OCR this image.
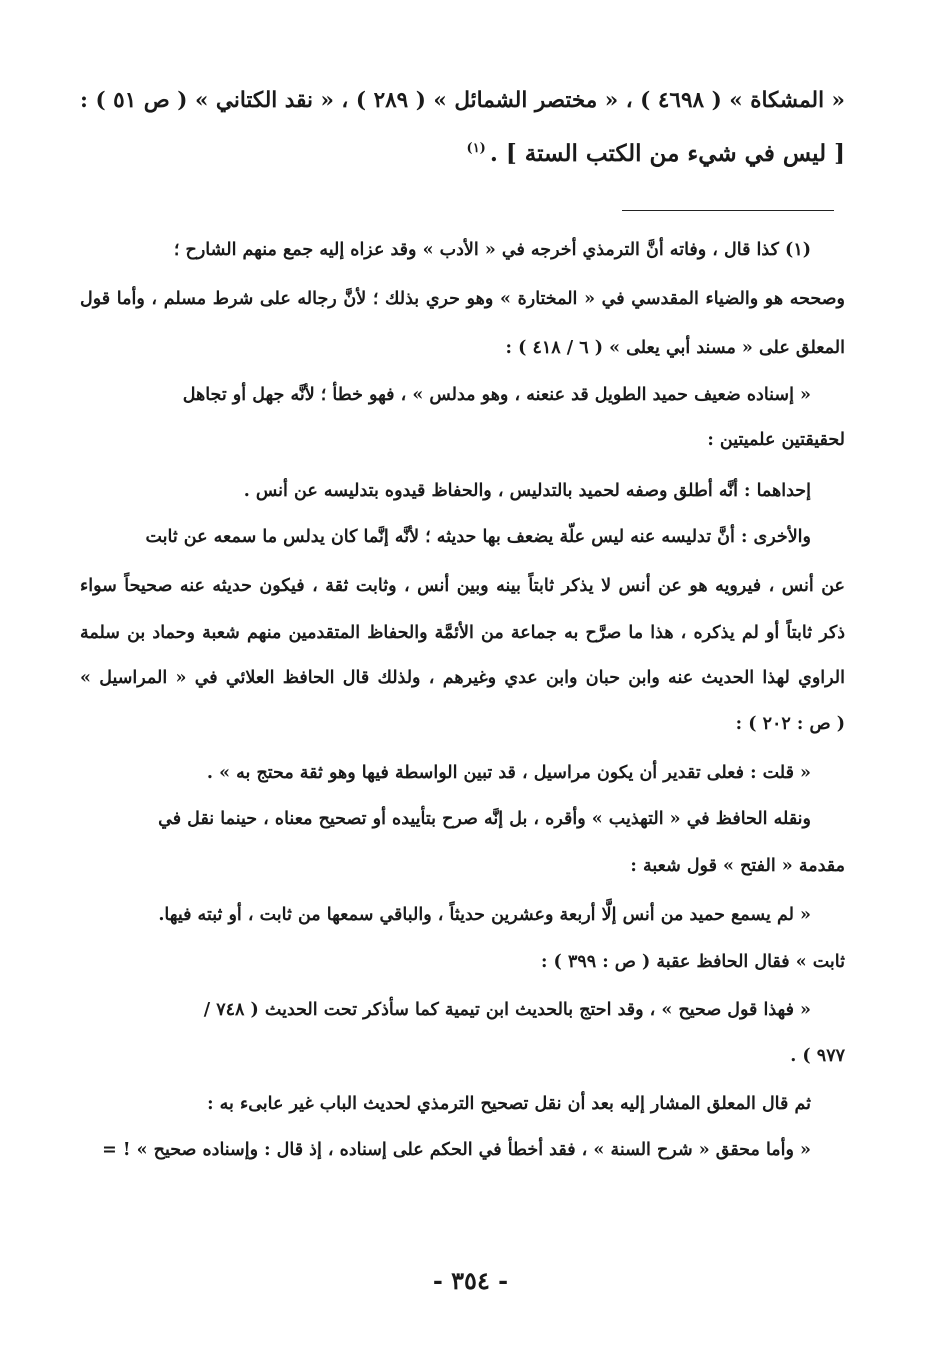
« المشكاة » ( ٤٦٩٨ ) ، « مختصر الشمائل » ( ٢٨٩ ) ، « نقد الكتاني » ( ص ٥١ ) :
[ ليس في شيء من الكتب الستة ] .$^{(١)}$
(١) كذا قال ، وفاته أنَّ الترمذي أخرجه في « الأدب » وقد عزاه إليه جمع منهم الشارح ؛
وصححه هو والضياء المقدسي في « المختارة » وهو حري بذلك ؛ لأنَّ رجاله على شرط مسلم ، وأما قول
المعلق على « مسند أبي يعلى » ( ٦ / ٤١٨ ) :
« إسناده ضعيف حميد الطويل قد عنعنه ، وهو مدلس » ، فهو خطأ ؛ لأنَّه جهل أو تجاهل
لحقيقتين علميتين :
إحداهما : أنَّه أطلق وصفه لحميد بالتدليس ، والحفاظ قيدوه بتدليسه عن أنس .
والأخرى : أنَّ تدليسه عنه ليس علّة يضعف بها حديثه ؛ لأنَّه إنَّما كان يدلس ما سمعه عن ثابت
عن أنس ، فيرويه هو عن أنس لا يذكر ثابتاً بينه وبين أنس ، وثابت ثقة ، فيكون حديثه عنه صحيحاً سواء
ذكر ثابتاً أو لم يذكره ، هذا ما صرَّح به جماعة من الأئمَّة والحفاظ المتقدمين منهم شعبة وحماد بن سلمة
الراوي لهذا الحديث عنه وابن حبان وابن عدي وغيرهم ، ولذلك قال الحافظ العلائي في « المراسيل »
( ص : ٢٠٢ ) :
« قلت : فعلى تقدير أن يكون مراسيل ، قد تبين الواسطة فيها وهو ثقة محتج به » .
ونقله الحافظ في « التهذيب » وأقره ، بل إنَّه صرح بتأييده أو تصحيح معناه ، حينما نقل في
مقدمة « الفتح » قول شعبة :
« لم يسمع حميد من أنس إلَّا أربعة وعشرين حديثاً ، والباقي سمعها من ثابت ، أو ثبته فيها.
ثابت » فقال الحافظ عقبة ( ص : ٣٩٩ ) :
« فهذا قول صحيح » ، وقد احتج بالحديث ابن تيمية كما سأذكر تحت الحديث ( ٧٤٨ /
٩٧٧ ) .
ثم قال المعلق المشار إليه بعد أن نقل تصحيح الترمذي لحديث الباب غير عابىء به :
« وأما محقق « شرح السنة » ، فقد أخطأ في الحكم على إسناده ، إذ قال : وإسناده صحيح » ! =
- ٣٥٤ -
